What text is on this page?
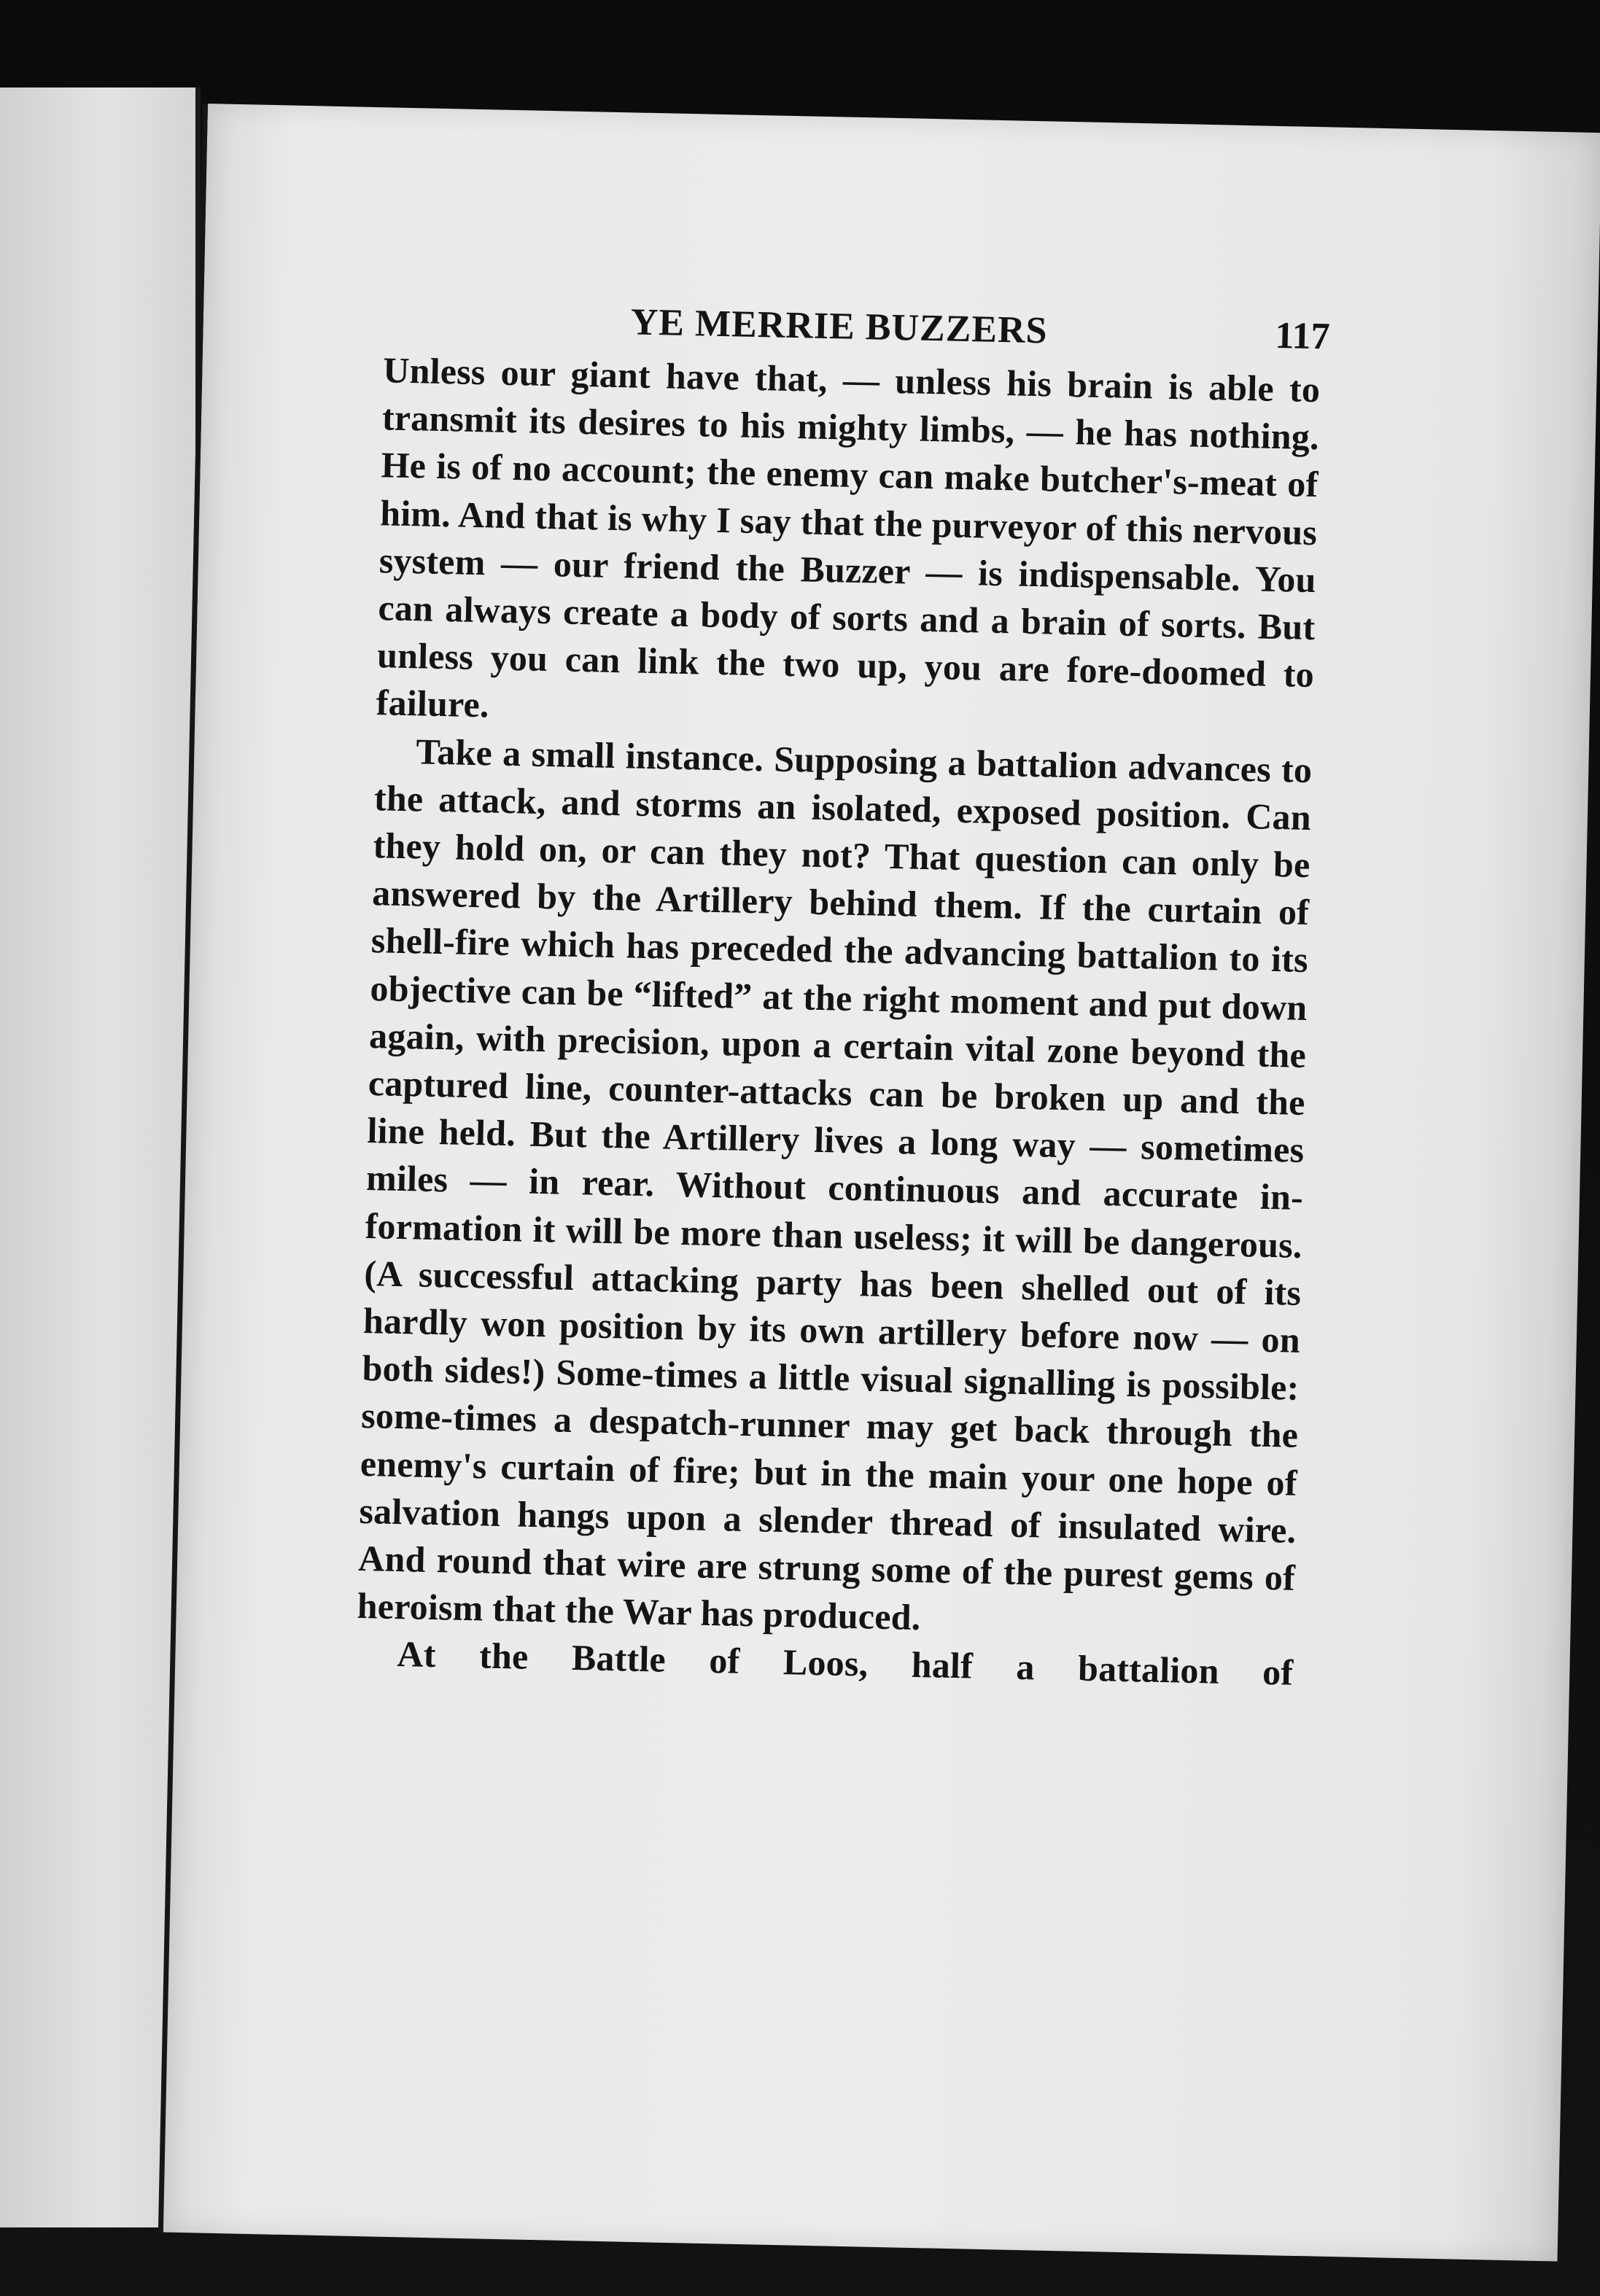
YE MERRIE BUZZERS	117

Unless our giant have that, — unless his brain is able to transmit its desires to his mighty limbs, — he has nothing. He is of no account; the enemy can make butcher's-meat of him. And that is why I say that the purveyor of this nervous system — our friend the Buzzer — is indispensable. You can always create a body of sorts and a brain of sorts. But unless you can link the two up, you are fore-doomed to failure.

Take a small instance. Supposing a battalion advances to the attack, and storms an isolated, exposed position. Can they hold on, or can they not? That question can only be answered by the Artillery behind them. If the curtain of shell-fire which has preceded the advancing battalion to its objective can be “lifted” at the right moment and put down again, with precision, upon a certain vital zone beyond the captured line, counter-attacks can be broken up and the line held. But the Artillery lives a long way — sometimes miles — in rear. Without continuous and accurate in-formation it will be more than useless; it will be dangerous. (A successful attacking party has been shelled out of its hardly won position by its own artillery before now — on both sides!) Some-times a little visual signalling is possible: some-times a despatch-runner may get back through the enemy's curtain of fire; but in the main your one hope of salvation hangs upon a slender thread of insulated wire. And round that wire are strung some of the purest gems of heroism that the War has produced.

At the Battle of Loos, half a battalion of
